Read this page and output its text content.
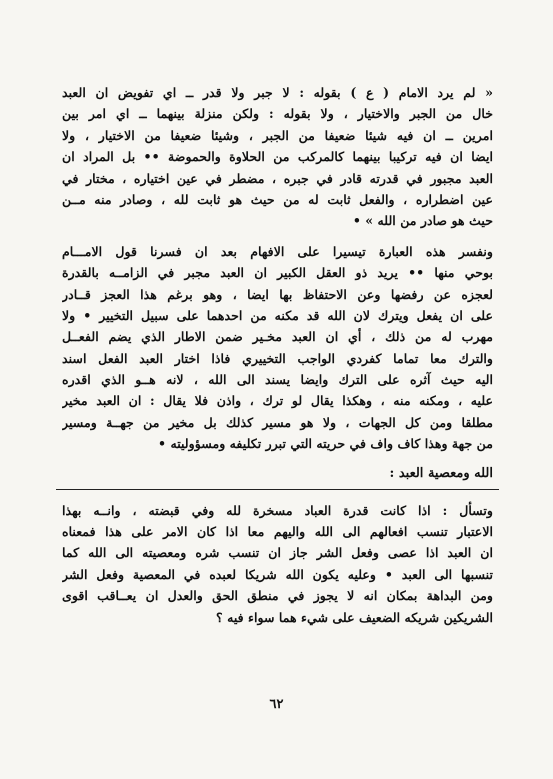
« لم يرد الامام ( ع ) بقوله : لا جبر ولا قدر ــ اي تفويض ان العبد
خال من الجبر والاختيار ، ولا بقوله : ولكن منزلة بينهما ــ اي امر بين
امرين ــ ان فيه شيئا ضعيفا من الجبر ، وشيئا ضعيفا من الاختيار ، ولا
ايضا ان فيه تركيبا بينهما كالمركب من الحلاوة والحموضة •• بل المراد ان
العبد مجبور في قدرته قادر في جبره ، مضطر في عين اختياره ، مختار في
عين اضطراره ، والفعل ثابت له من حيث هو ثابت لله ، وصادر منه مــن
حيث هو صادر من الله » •
ونفسر هذه العبارة تيسيرا على الافهام بعد ان فسرنا قول الامـــام
بوحي منها •• يريد ذو العقل الكبير ان العبد مجبر في الزامــه بالقدرة
لعجزه عن رفضها وعن الاحتفاظ بها ايضا ، وهو برغم هذا العجز قــادر
على ان يفعل ويترك لان الله قد مكنه من احدهما على سبيل التخيير • ولا
مهرب له من ذلك ، أي ان العبد مخـير ضمن الاطار الذي يضم الفعــل
والترك معا تماما كفردي الواجب التخييري فاذا اختار العبد الفعل اسند
اليه حيث آثره على الترك وايضا يسند الى الله ، لانه هــو الذي اقدره
عليه ، ومكنه منه ، وهكذا يقال لو ترك ، واذن فلا يقال : ان العبد مخير
مطلقا ومن كل الجهات ، ولا هو مسير كذلك بل مخير من جهــة ومسير
من جهة وهذا كاف واف في حريته التي تبرر تكليفه ومسؤوليته •
الله ومعصية العبد :
وتسأل : اذا كانت قدرة العباد مسخرة لله وفي قبضته ، وانــه بهذا
الاعتبار تنسب افعالهم الى الله واليهم معا اذا كان الامر على هذا فمعناه
ان العبد اذا عصى وفعل الشر جاز ان تنسب شره ومعصيته الى الله كما
تنسبها الى العبد • وعليه يكون الله شريكا لعبده في المعصية وفعل الشر
ومن البداهة بمكان انه لا يجوز في منطق الحق والعدل ان يعــاقب اقوى
الشريكين شريكه الضعيف على شيء هما سواء فيه ؟
٦٢
